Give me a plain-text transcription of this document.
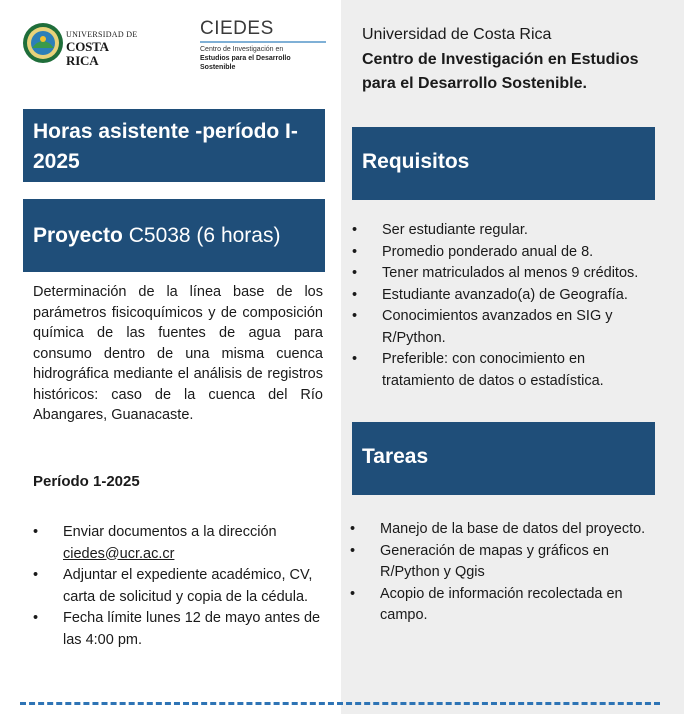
UNIVERSIDAD DE
COSTA RICA
CIEDES
Centro de Investigación en
Estudios para el Desarrollo
Sostenible
Universidad de Costa Rica
Centro de Investigación en Estudios para el Desarrollo Sostenible.
Horas asistente -período I-2025
Proyecto C5038 (6 horas)
Determinación de la línea base de los parámetros fisicoquímicos y de composición química de las fuentes de agua para consumo dentro de una misma cuenca hidrográfica mediante el análisis de registros históricos: caso de la cuenca del Río Abangares, Guanacaste.
Período 1-2025
• Enviar documentos a la dirección
ciedes@ucr.ac.cr
• Adjuntar el expediente académico, CV, carta de solicitud y copia de la cédula.
• Fecha límite lunes 12 de mayo antes de las 4:00 pm.
Requisitos
• Ser estudiante regular.
• Promedio ponderado anual de 8.
• Tener matriculados al menos 9 créditos.
• Estudiante avanzado(a) de Geografía.
• Conocimientos avanzados en SIG y R/Python.
• Preferible: con conocimiento en tratamiento de datos o estadística.
Tareas
• Manejo de la base de datos del proyecto.
• Generación de mapas y gráficos en R/Python y Qgis
• Acopio de información recolectada en campo.
